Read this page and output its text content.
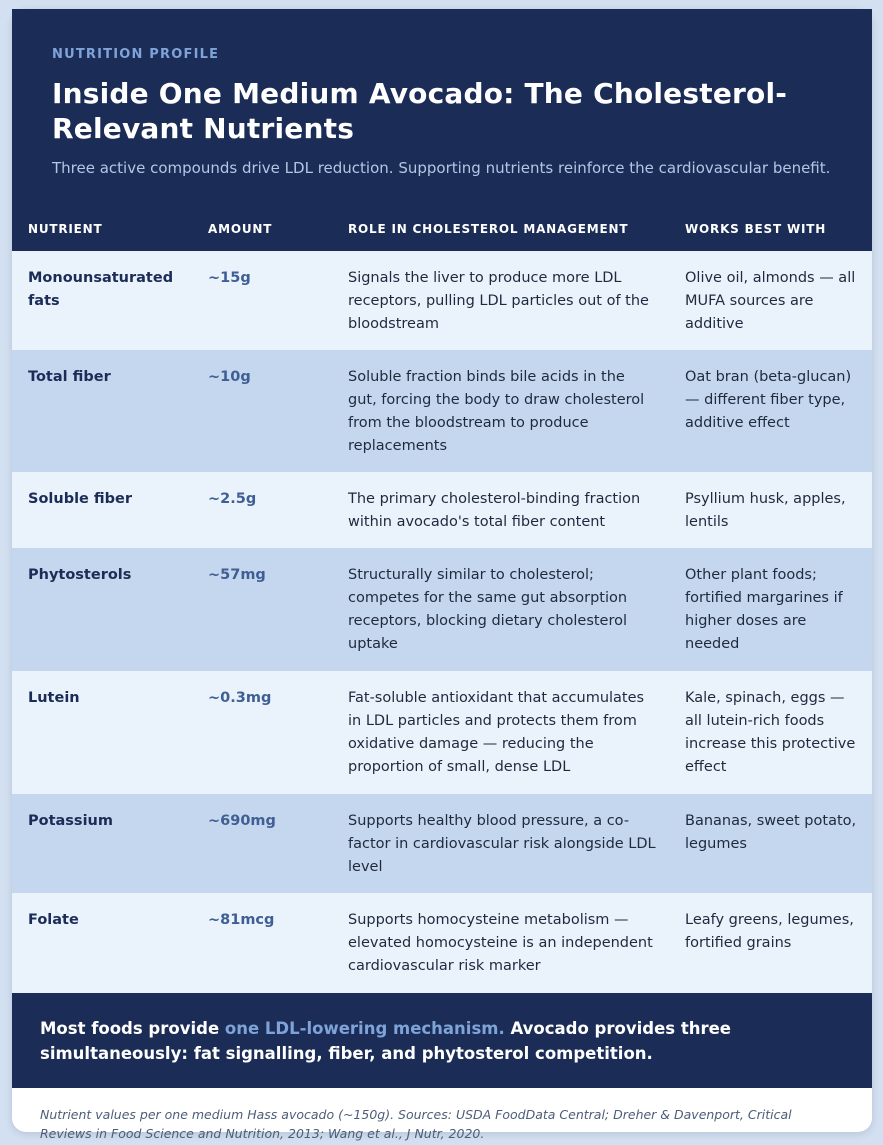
NUTRITION PROFILE

Inside One Medium Avocado: The Cholesterol-Relevant Nutrients

Three active compounds drive LDL reduction. Supporting nutrients reinforce the cardiovascular benefit.

NUTRIENT	AMOUNT	ROLE IN CHOLESTEROL MANAGEMENT	WORKS BEST WITH
Monounsaturated fats	~15g	Signals the liver to produce more LDL receptors, pulling LDL particles out of the bloodstream	Olive oil, almonds — all MUFA sources are additive
Total fiber	~10g	Soluble fraction binds bile acids in the gut, forcing the body to draw cholesterol from the bloodstream to produce replacements	Oat bran (beta-glucan) — different fiber type, additive effect
Soluble fiber	~2.5g	The primary cholesterol-binding fraction within avocado's total fiber content	Psyllium husk, apples, lentils
Phytosterols	~57mg	Structurally similar to cholesterol; competes for the same gut absorption receptors, blocking dietary cholesterol uptake	Other plant foods; fortified margarines if higher doses are needed
Lutein	~0.3mg	Fat-soluble antioxidant that accumulates in LDL particles and protects them from oxidative damage — reducing the proportion of small, dense LDL	Kale, spinach, eggs — all lutein-rich foods increase this protective effect
Potassium	~690mg	Supports healthy blood pressure, a co-factor in cardiovascular risk alongside LDL level	Bananas, sweet potato, legumes
Folate	~81mcg	Supports homocysteine metabolism — elevated homocysteine is an independent cardiovascular risk marker	Leafy greens, legumes, fortified grains
Most foods provide one LDL-lowering mechanism. Avocado provides three simultaneously: fat signalling, fiber, and phytosterol competition.
Nutrient values per one medium Hass avocado (~150g). Sources: USDA FoodData Central; Dreher & Davenport, Critical Reviews in Food Science and Nutrition, 2013; Wang et al., J Nutr, 2020.
